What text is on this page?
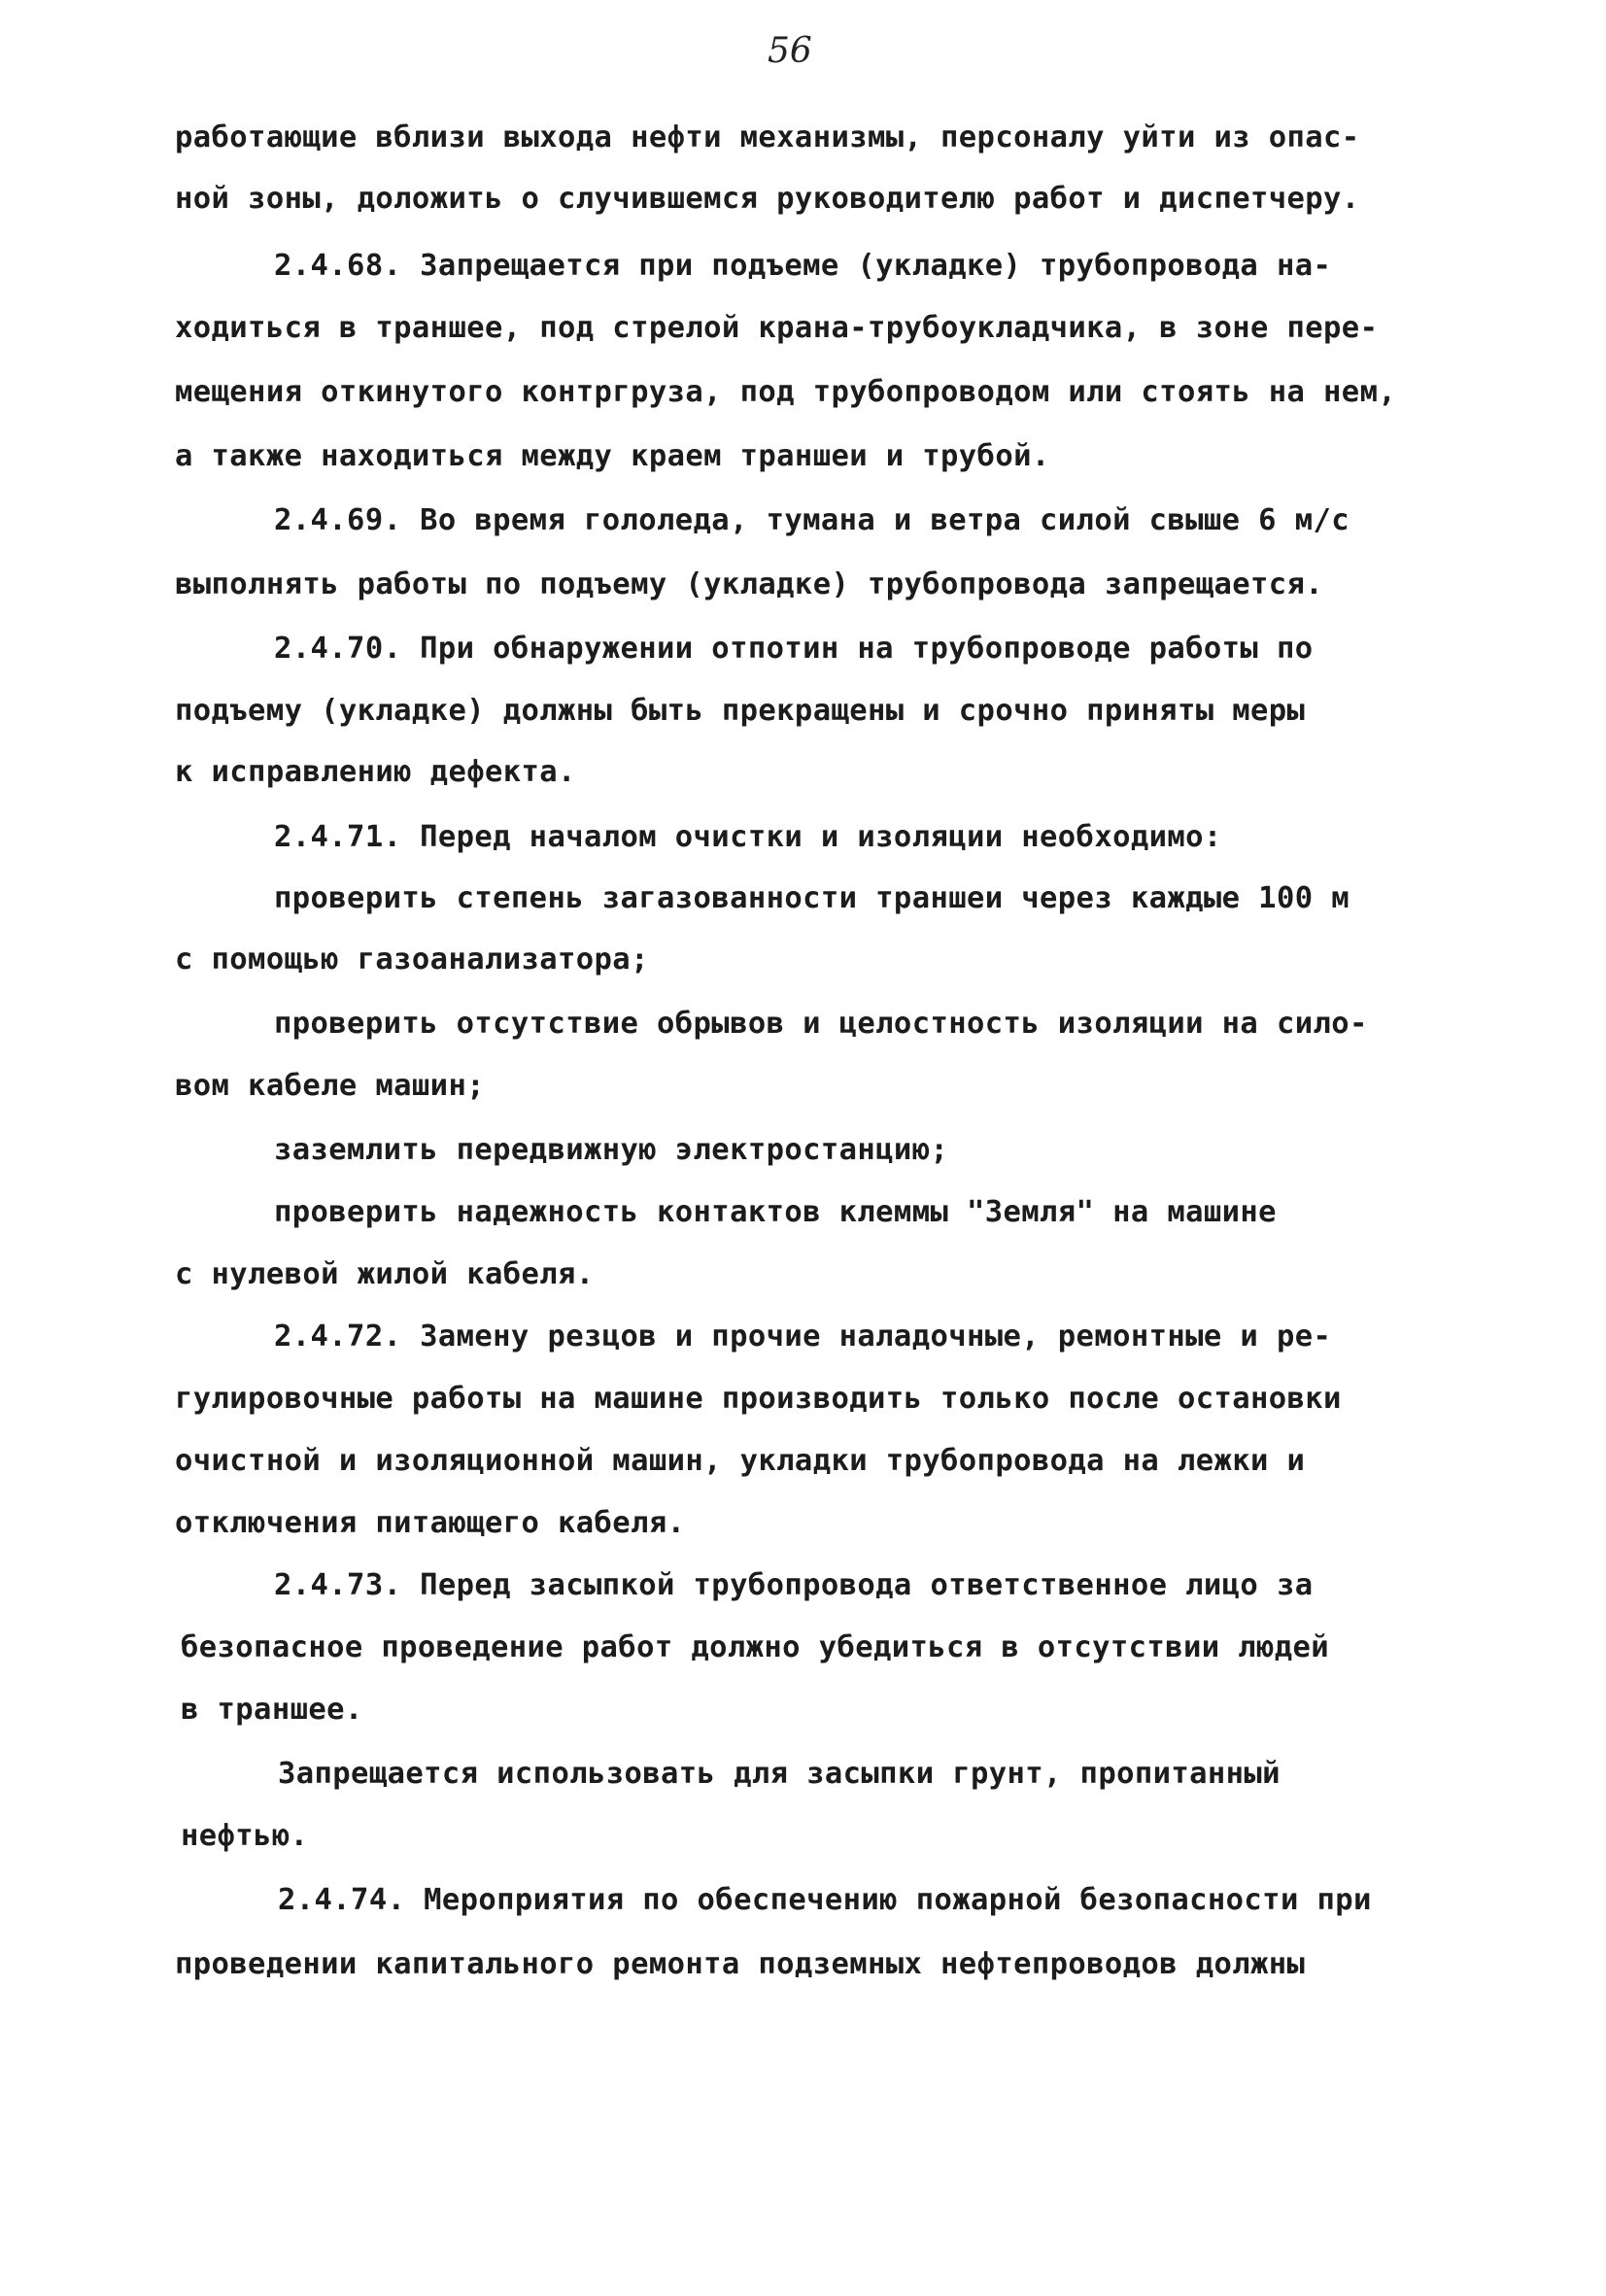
56
работающие вблизи выхода нефти механизмы, персоналу уйти из опас-
ной зоны, доложить о случившемся руководителю работ и диспетчеру.
2.4.68. Запрещается при подъеме (укладке) трубопровода на-
ходиться в траншее, под стрелой крана-трубоукладчика, в зоне пере-
мещения откинутого контргруза, под трубопроводом или стоять на нем,
а также находиться между краем траншеи и трубой.
2.4.69. Во время гололеда, тумана и ветра силой свыше 6 м/с
выполнять работы по подъему (укладке) трубопровода запрещается.
2.4.70. При обнаружении отпотин на трубопроводе работы по
подъему (укладке) должны быть прекращены и срочно приняты меры
к исправлению дефекта.
2.4.71. Перед началом очистки и изоляции необходимо:
проверить степень загазованности траншеи через каждые 100 м
с помощью газоанализатора;
проверить отсутствие обрывов и целостность изоляции на сило-
вом кабеле машин;
заземлить передвижную электростанцию;
проверить надежность контактов клеммы "Земля" на машине
с нулевой жилой кабеля.
2.4.72. Замену резцов и прочие наладочные, ремонтные и ре-
гулировочные работы на машине производить только после остановки
очистной и изоляционной машин, укладки трубопровода на лежки и
отключения питающего кабеля.
2.4.73. Перед засыпкой трубопровода ответственное лицо за
безопасное проведение работ должно убедиться в отсутствии людей
в траншее.
Запрещается использовать для засыпки грунт, пропитанный
нефтью.
2.4.74. Мероприятия по обеспечению пожарной безопасности при
проведении капитального ремонта подземных нефтепроводов должны
